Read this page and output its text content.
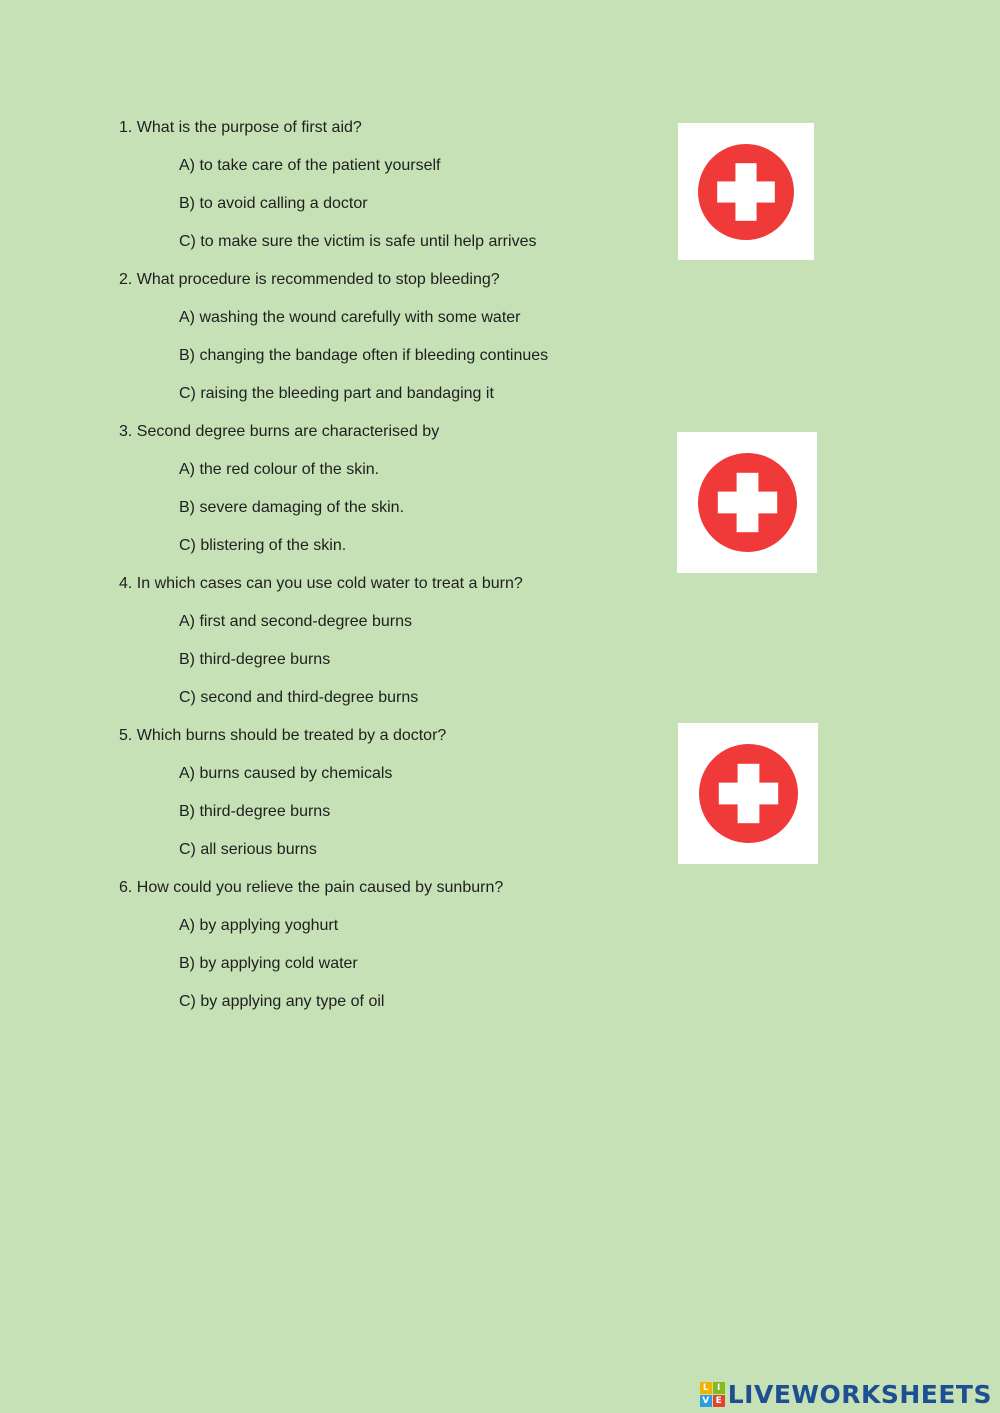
1. What is the purpose of first aid?
A) to take care of the patient yourself
B) to avoid calling a doctor
C) to make sure the victim is safe until help arrives
2. What procedure is recommended to stop bleeding?
A) washing the wound carefully with some water
B) changing the bandage often if bleeding continues
C) raising the bleeding part and bandaging it
3. Second degree burns are characterised by
A) the red colour of the skin.
B) severe damaging of the skin.
C) blistering of the skin.
4. In which cases can you use cold water to treat a burn?
A) first and second-degree burns
B) third-degree burns
C) second and third-degree burns
5. Which burns should be treated by a doctor?
A) burns caused by chemicals
B) third-degree burns
C) all serious burns
6. How could you relieve the pain caused by sunburn?
A) by applying yoghurt
B) by applying cold water
C) by applying any type of oil
L I
V E LIVEWORKSHEETS
